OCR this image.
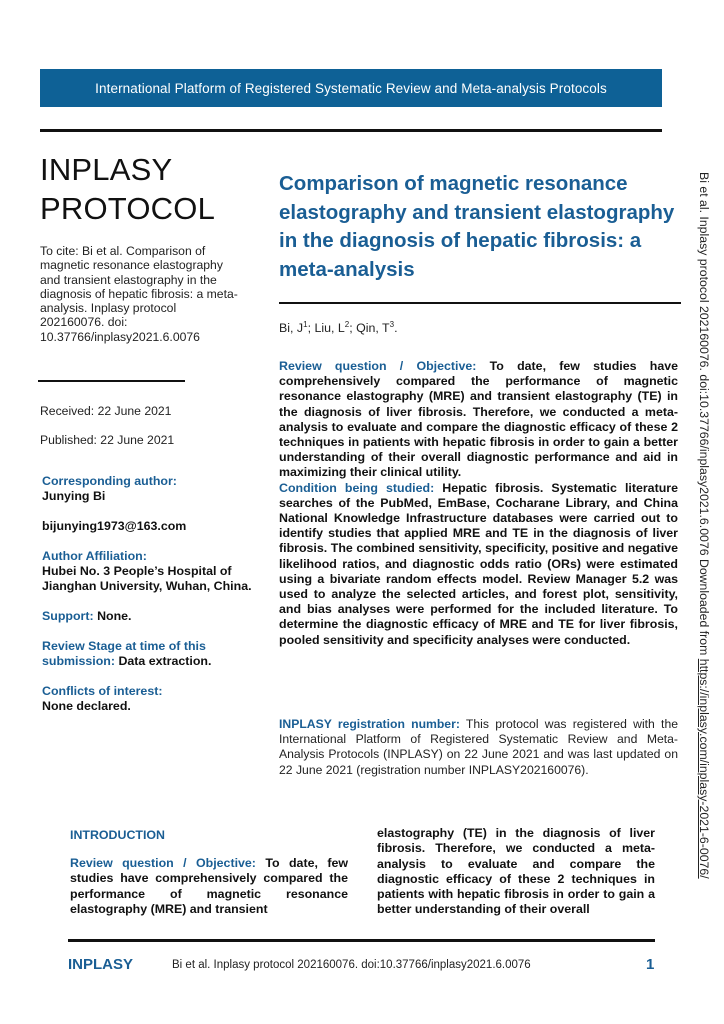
International Platform of Registered Systematic Review and Meta-analysis Protocols
INPLASY
PROTOCOL
To cite: Bi et al. Comparison of magnetic resonance elastography and transient elastography in the diagnosis of hepatic fibrosis: a meta-analysis. Inplasy protocol 202160076. doi: 10.37766/inplasy2021.6.0076
Received: 22 June 2021
Published: 22 June 2021
Corresponding author:
Junying Bi
bijunying1973@163.com
Author Affiliation:
Hubei No. 3 People’s Hospital of Jianghan University, Wuhan, China.
Support: None.
Review Stage at time of this submission: Data extraction.
Conflicts of interest:
None declared.
Comparison of magnetic resonance elastography and transient elastography in the diagnosis of hepatic fibrosis: a meta-analysis
Bi, $J^1$; Liu, $L^2$; Qin, $T^3$.

Review question / Objective: To date, few studies have comprehensively compared the performance of magnetic resonance elastography (MRE) and transient elastography (TE) in the diagnosis of liver fibrosis. Therefore, we conducted a meta-analysis to evaluate and compare the diagnostic efficacy of these 2 techniques in patients with hepatic fibrosis in order to gain a better understanding of their overall diagnostic performance and aid in maximizing their clinical utility.

Condition being studied: Hepatic fibrosis. Systematic literature searches of the PubMed, EmBase, Cocharane Library, and China National Knowledge Infrastructure databases were carried out to identify studies that applied MRE and TE in the diagnosis of liver fibrosis. The combined sensitivity, specificity, positive and negative likelihood ratios, and diagnostic odds ratio (ORs) were estimated using a bivariate random effects model. Review Manager 5.2 was used to analyze the selected articles, and forest plot, sensitivity, and bias analyses were performed for the included literature. To determine the diagnostic efficacy of MRE and TE for liver fibrosis, pooled sensitivity and specificity analyses were conducted.

INPLASY registration number: This protocol was registered with the International Platform of Registered Systematic Review and Meta-Analysis Protocols (INPLASY) on 22 June 2021 and was last updated on 22 June 2021 (registration number INPLASY202160076).
INTRODUCTION
Review question / Objective: To date, few studies have comprehensively compared the performance of magnetic resonance elastography (MRE) and transient
elastography (TE) in the diagnosis of liver fibrosis. Therefore, we conducted a meta-analysis to evaluate and compare the diagnostic efficacy of these 2 techniques in patients with hepatic fibrosis in order to gain a better understanding of their overall
INPLASY	Bi et al. Inplasy protocol 202160076. doi:10.37766/inplasy2021.6.0076	1
Bi et al. Inplasy protocol 202160076. doi:10.37766/inplasy2021.6.0076 Downloaded from https://inplasy.com/inplasy-2021-6-0076/
